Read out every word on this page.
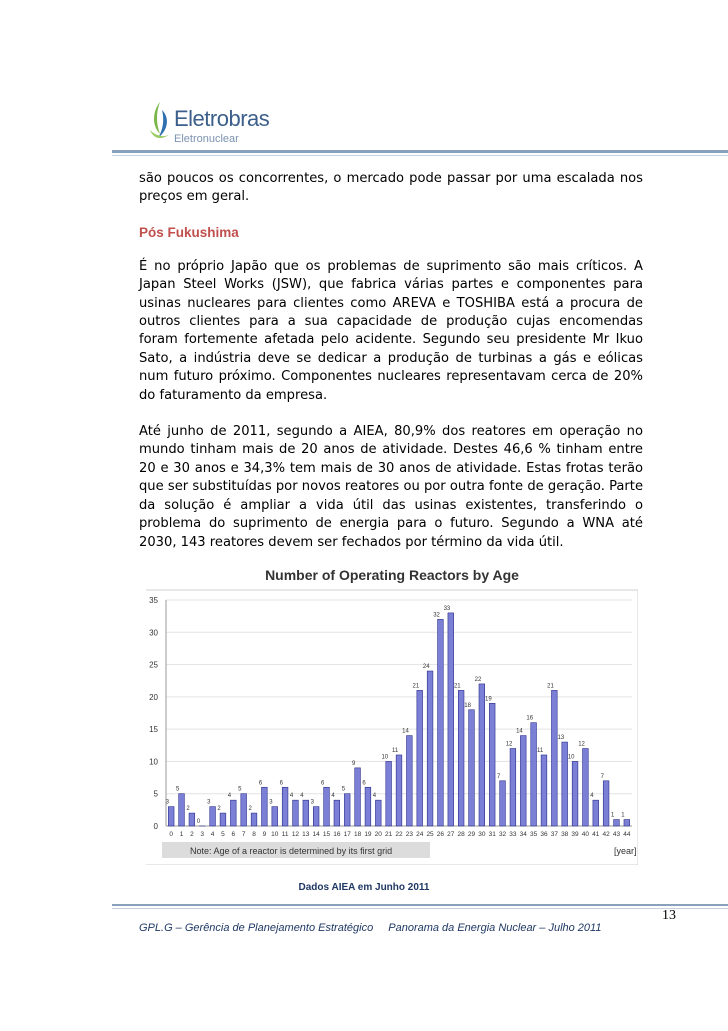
Eletrobras
Eletronuclear

são poucos os concorrentes, o mercado pode passar por uma escalada nos preços em geral.

Pós Fukushima

É no próprio Japão que os problemas de suprimento são mais críticos. A Japan Steel Works (JSW), que fabrica várias partes e componentes para usinas nucleares para clientes como AREVA e TOSHIBA está a procura de outros clientes para a sua capacidade de produção cujas encomendas foram fortemente afetada pelo acidente. Segundo seu presidente Mr Ikuo Sato, a indústria deve se dedicar a produção de turbinas a gás e eólicas num futuro próximo. Componentes nucleares representavam cerca de 20% do faturamento da empresa.

Até junho de 2011, segundo a AIEA, 80,9% dos reatores em operação no mundo tinham mais de 20 anos de atividade. Destes 46,6 % tinham entre 20 e 30 anos e 34,3% tem mais de 30 anos de atividade. Estas frotas terão que ser substituídas por novos reatores ou por outra fonte de geração. Parte da solução é ampliar a vida útil das usinas existentes, transferindo o problema do suprimento de energia para o futuro. Segundo a WNA até 2030, 143 reatores devem ser fechados por término da vida útil.

Number of Operating Reactors by Age
3
5
2
0
3
2
4
5
2
6
3
6
4 4
3
6
4
5
9
6
4
10
11
14
21
24
32
33
21
18
22
19
7
12
14
16
11
21
13
10
12
4
7
1 1
0 1 2 3 4 5 6 7 8 9 10 11 12 13 14 15 16 17 18 19 20 21 22 23 24 25 26 27 28 29 30 31 32 33 34 35 36 37 38 39 40 41 42 43 44
0
5
10
15
20
25
30
35
Note: Age of a reactor is determined by its first grid	[year]
Dados AIEA em Junho 2011
13
GPL.G – Gerência de Planejamento Estratégico Panorama da Energia Nuclear – Julho 2011
